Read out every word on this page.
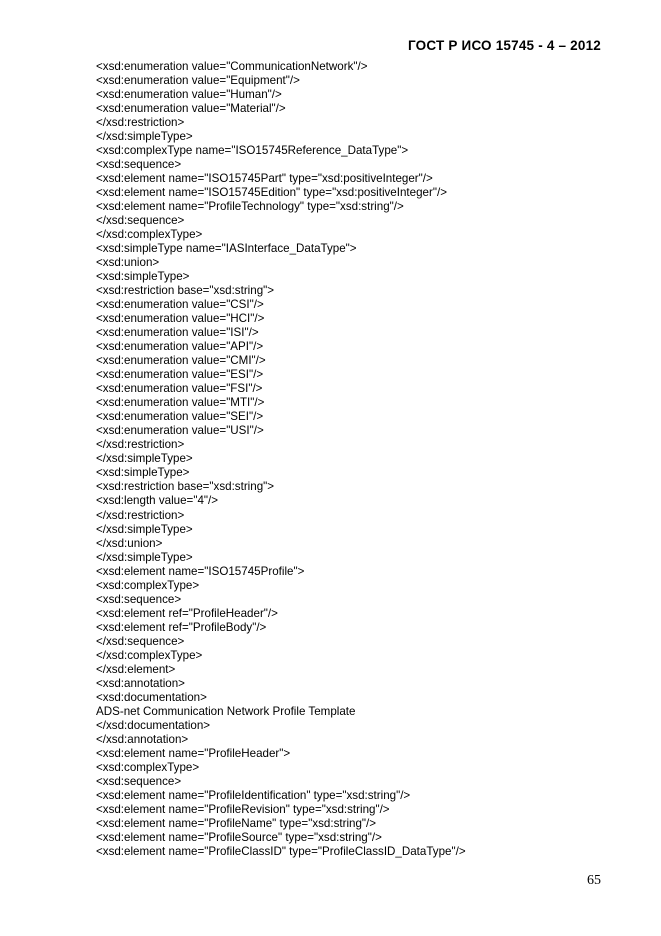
ГОСТ Р ИСО 15745 - 4 – 2012
<xsd:enumeration value="CommunicationNetwork"/>
<xsd:enumeration value="Equipment"/>
<xsd:enumeration value="Human"/>
<xsd:enumeration value="Material"/>
</xsd:restriction>
</xsd:simpleType>
<xsd:complexType name="ISO15745Reference_DataType">
<xsd:sequence>
<xsd:element name="ISO15745Part" type="xsd:positiveInteger"/>
<xsd:element name="ISO15745Edition" type="xsd:positiveInteger"/>
<xsd:element name="ProfileTechnology" type="xsd:string"/>
</xsd:sequence>
</xsd:complexType>
<xsd:simpleType name="IASInterface_DataType">
<xsd:union>
<xsd:simpleType>
<xsd:restriction base="xsd:string">
<xsd:enumeration value="CSI"/>
<xsd:enumeration value="HCI"/>
<xsd:enumeration value="ISI"/>
<xsd:enumeration value="API"/>
<xsd:enumeration value="CMI"/>
<xsd:enumeration value="ESI"/>
<xsd:enumeration value="FSI"/>
<xsd:enumeration value="MTI"/>
<xsd:enumeration value="SEI"/>
<xsd:enumeration value="USI"/>
</xsd:restriction>
</xsd:simpleType>
<xsd:simpleType>
<xsd:restriction base="xsd:string">
<xsd:length value="4"/>
</xsd:restriction>
</xsd:simpleType>
</xsd:union>
</xsd:simpleType>
<xsd:element name="ISO15745Profile">
<xsd:complexType>
<xsd:sequence>
<xsd:element ref="ProfileHeader"/>
<xsd:element ref="ProfileBody"/>
</xsd:sequence>
</xsd:complexType>
</xsd:element>
<xsd:annotation>
<xsd:documentation>
ADS-net Communication Network Profile Template
</xsd:documentation>
</xsd:annotation>
<xsd:element name="ProfileHeader">
<xsd:complexType>
<xsd:sequence>
<xsd:element name="ProfileIdentification" type="xsd:string"/>
<xsd:element name="ProfileRevision" type="xsd:string"/>
<xsd:element name="ProfileName" type="xsd:string"/>
<xsd:element name="ProfileSource" type="xsd:string"/>
<xsd:element name="ProfileClassID" type="ProfileClassID_DataType"/>
65
